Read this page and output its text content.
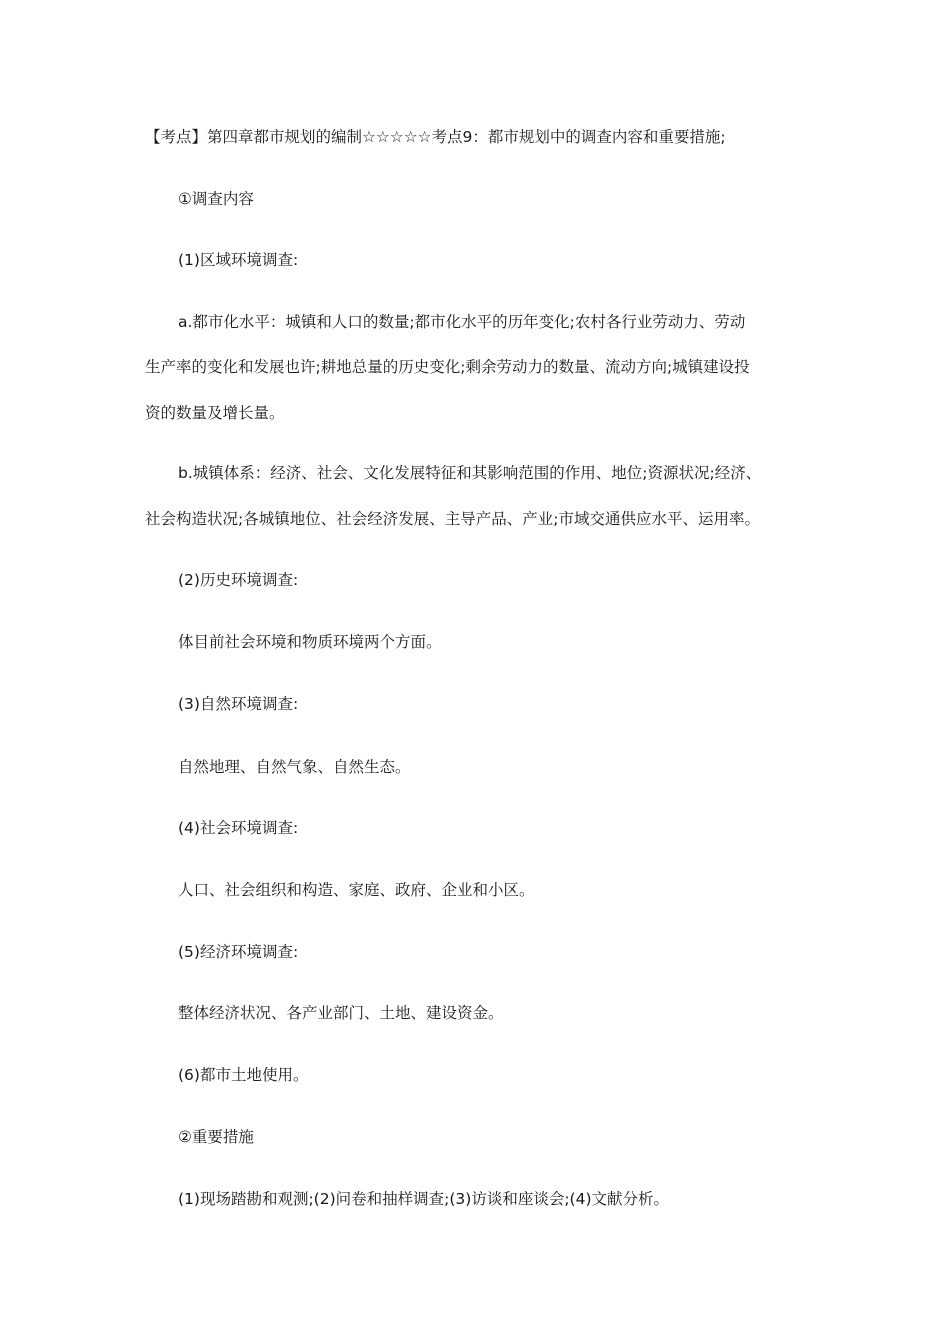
【考点】第四章都市规划的编制☆☆☆☆☆考点9：都市规划中的调查内容和重要措施;
①调查内容
(1)区域环境调查:
a.都市化水平：城镇和人口的数量;都市化水平的历年变化;农村各行业劳动力、劳动
生产率的变化和发展也许;耕地总量的历史变化;剩余劳动力的数量、流动方向;城镇建设投
资的数量及增长量。
b.城镇体系：经济、社会、文化发展特征和其影响范围的作用、地位;资源状况;经济、
社会构造状况;各城镇地位、社会经济发展、主导产品、产业;市域交通供应水平、运用率。
(2)历史环境调查:
体目前社会环境和物质环境两个方面。
(3)自然环境调查:
自然地理、自然气象、自然生态。
(4)社会环境调查:
人口、社会组织和构造、家庭、政府、企业和小区。
(5)经济环境调查:
整体经济状况、各产业部门、土地、建设资金。
(6)都市土地使用。
②重要措施
(1)现场踏勘和观测;(2)问卷和抽样调查;(3)访谈和座谈会;(4)文献分析。
